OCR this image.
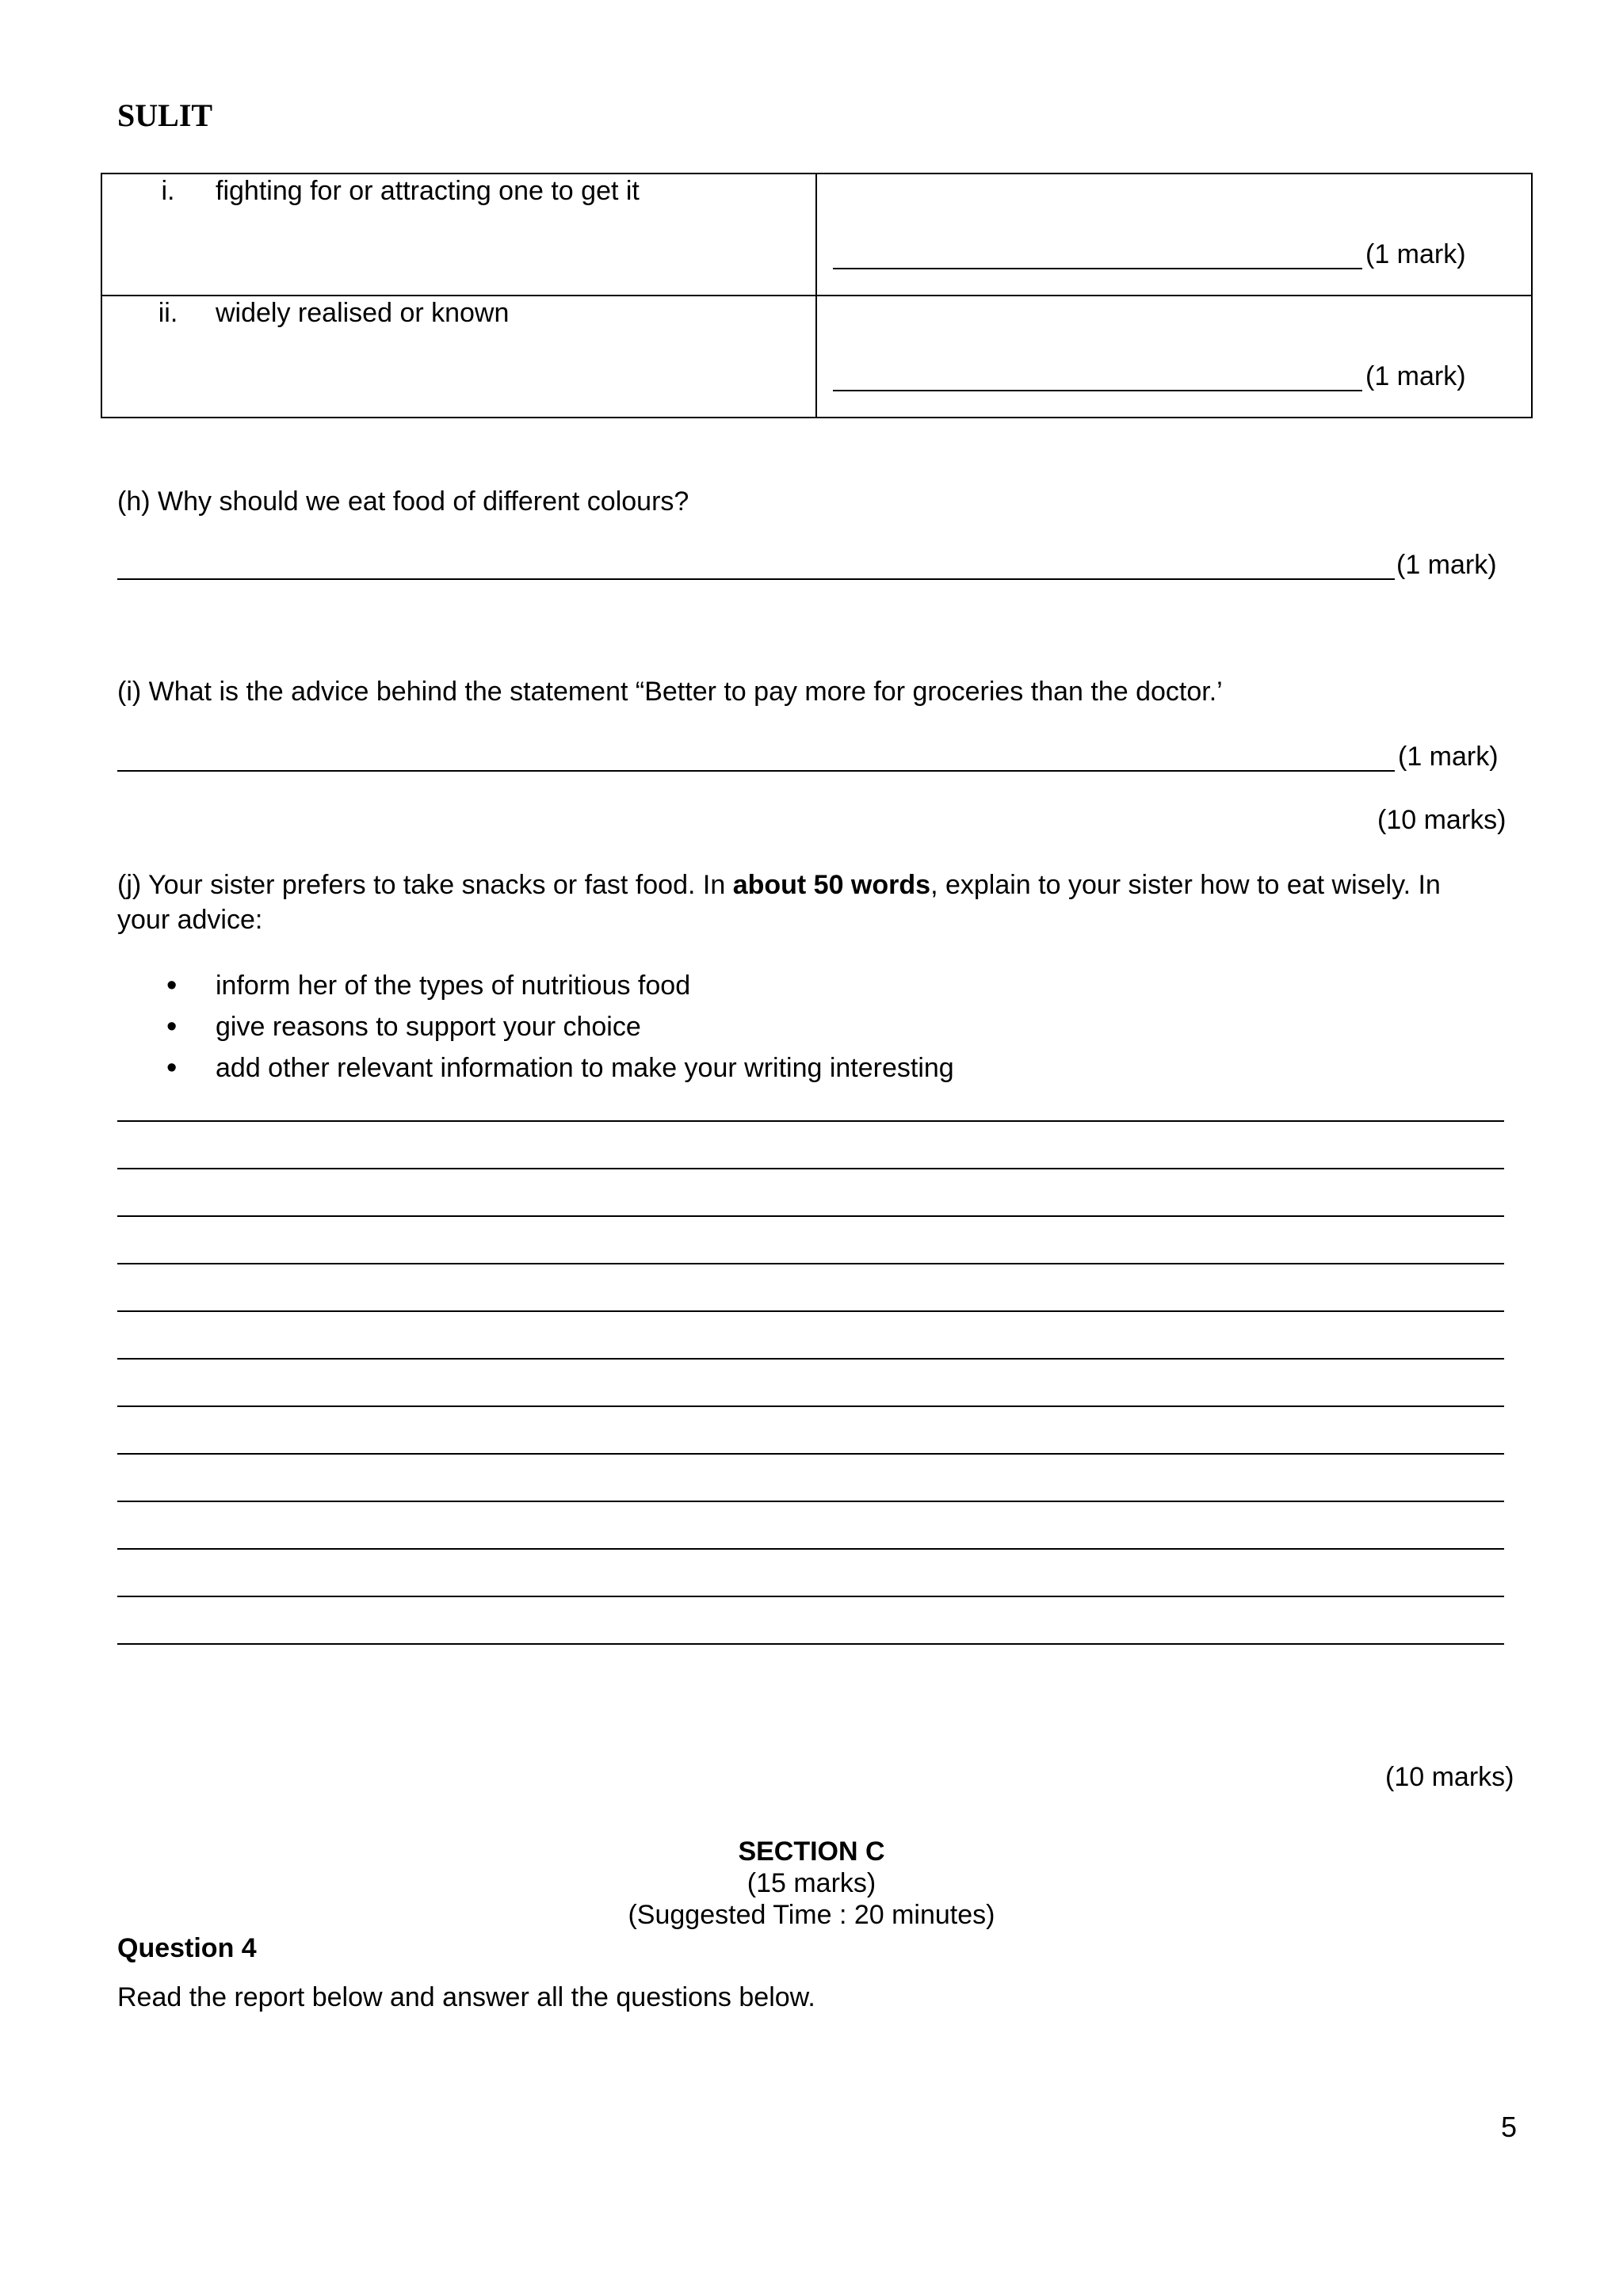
SULIT
i. fighting for or attracting one to get it	(1 mark)

ii. widely realised or known	(1 mark)
(h) Why should we eat food of different colours?
(1 mark)
(i) What is the advice behind the statement “Better to pay more for groceries than the doctor.’
(1 mark)
(10 marks)
(j) Your sister prefers to take snacks or fast food. In about 50 words, explain to your sister how to eat wisely. In
your advice:
• inform her of the types of nutritious food
• give reasons to support your choice
• add other relevant information to make your writing interesting
(10 marks)
SECTION C
(15 marks)
(Suggested Time : 20 minutes)
Question 4
Read the report below and answer all the questions below.
5
